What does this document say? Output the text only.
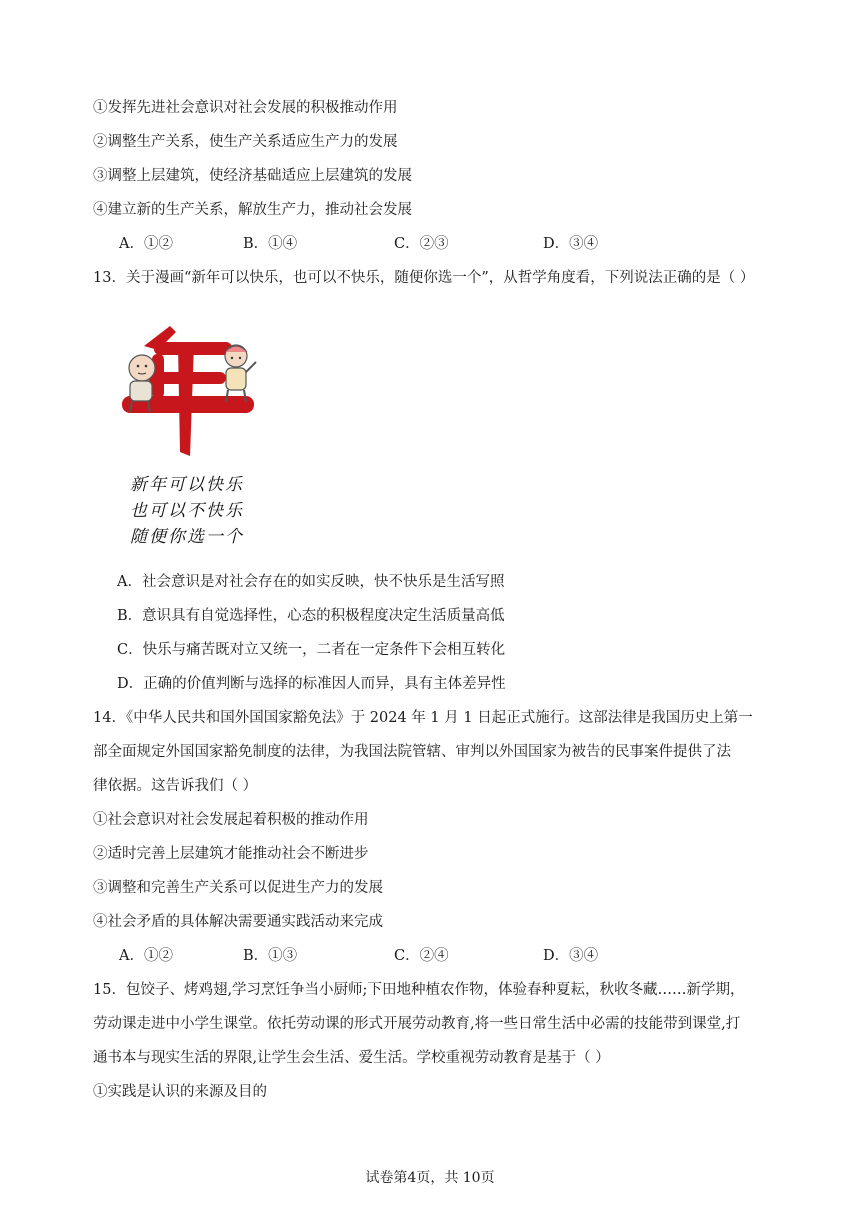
①发挥先进社会意识对社会发展的积极推动作用
②调整生产关系，使生产关系适应生产力的发展
③调整上层建筑，使经济基础适应上层建筑的发展
④建立新的生产关系，解放生产力，推动社会发展
A．①②	B．①④	C．②③	D．③④
13．关于漫画“新年可以快乐，也可以不快乐，随便你选一个”，从哲学角度看，下列说法正确的是（ ）
新年可以快乐
也可以不快乐
随便你选一个
A．社会意识是对社会存在的如实反映，快不快乐是生活写照
B．意识具有自觉选择性，心态的积极程度决定生活质量高低
C．快乐与痛苦既对立又统一，二者在一定条件下会相互转化
D．正确的价值判断与选择的标准因人而异，具有主体差异性
14．《中华人民共和国外国国家豁免法》于 2024 年 1 月 1 日起正式施行。这部法律是我国历史上第一
部全面规定外国国家豁免制度的法律，为我国法院管辖、审判以外国国家为被告的民事案件提供了法
律依据。这告诉我们（ ）
①社会意识对社会发展起着积极的推动作用
②适时完善上层建筑才能推动社会不断进步
③调整和完善生产关系可以促进生产力的发展
④社会矛盾的具体解决需要通实践活动来完成
A．①②	B．①③	C．②④	D．③④
15．包饺子、烤鸡翅,学习烹饪争当小厨师;下田地种植农作物，体验春种夏耘，秋收冬藏……新学期，
劳动课走进中小学生课堂。依托劳动课的形式开展劳动教育,将一些日常生活中必需的技能带到课堂,打
通书本与现实生活的界限,让学生会生活、爱生活。学校重视劳动教育是基于（ ）
①实践是认识的来源及目的
试卷第4页，共 10页
